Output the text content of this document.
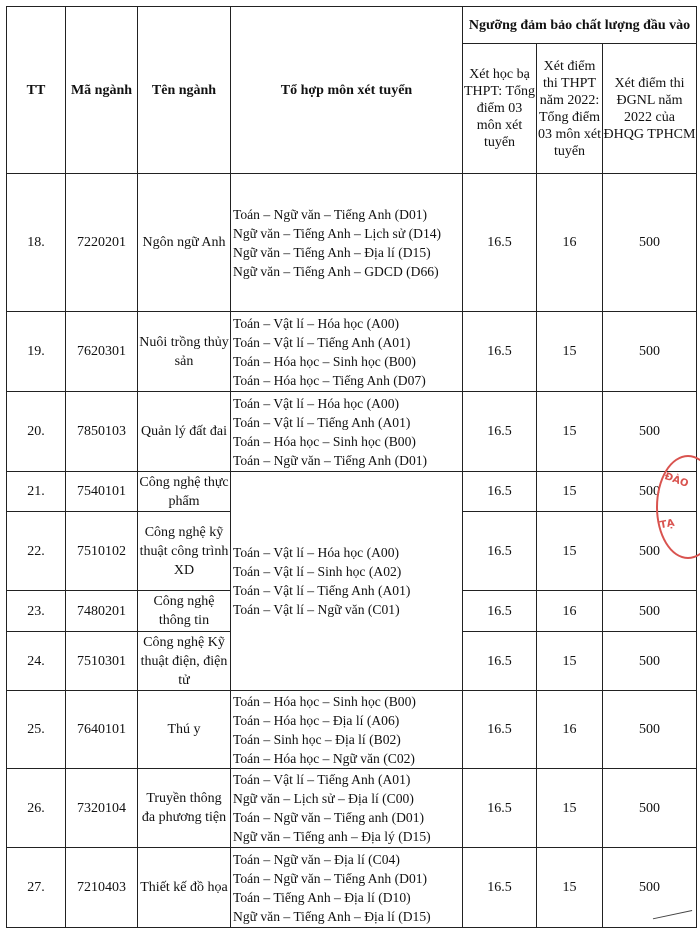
TT	Mã ngành	Tên ngành	Tổ hợp môn xét tuyển	Ngưỡng đảm bảo chất lượng đầu vào		
				Xét học bạ THPT: Tổng điểm 03 môn xét tuyển	Xét điểm thi THPT năm 2022: Tổng điểm 03 môn xét tuyển	Xét điểm thi ĐGNL năm 2022 của ĐHQG TPHCM
18.	7220201	Ngôn ngữ Anh	Toán – Ngữ văn – Tiếng Anh (D01)
Ngữ văn – Tiếng Anh – Lịch sử (D14)
Ngữ văn – Tiếng Anh – Địa lí (D15)
Ngữ văn – Tiếng Anh – GDCD (D66)	16.5	16	500
19.	7620301	Nuôi trồng thủy sản	Toán – Vật lí – Hóa học (A00)
Toán – Vật lí – Tiếng Anh (A01)
Toán – Hóa học – Sinh học (B00)
Toán – Hóa học – Tiếng Anh (D07)	16.5	15	500
20.	7850103	Quản lý đất đai	Toán – Vật lí – Hóa học (A00)
Toán – Vật lí – Tiếng Anh (A01)
Toán – Hóa học – Sinh học (B00)
Toán – Ngữ văn – Tiếng Anh (D01)	16.5	15	500
21.	7540101	Công nghệ thực phẩm	Toán – Vật lí – Hóa học (A00)
Toán – Vật lí – Sinh học (A02)
Toán – Vật lí – Tiếng Anh (A01)
Toán – Vật lí – Ngữ văn (C01)	16.5	15	500
22.	7510102	Công nghệ kỹ thuật công trình XD		16.5	15	500
23.	7480201	Công nghệ thông tin		16.5	16	500
24.	7510301	Công nghệ Kỹ thuật điện, điện tử		16.5	15	500
25.	7640101	Thú y	Toán – Hóa học – Sinh học (B00)
Toán – Hóa học – Địa lí (A06)
Toán – Sinh học – Địa lí (B02)
Toán – Hóa học – Ngữ văn (C02)	16.5	16	500
26.	7320104	Truyền thông đa phương tiện	Toán – Vật lí – Tiếng Anh (A01)
Ngữ văn – Lịch sử – Địa lí (C00)
Toán – Ngữ văn – Tiếng anh (D01)
Ngữ văn – Tiếng anh – Địa lý (D15)	16.5	15	500
27.	7210403	Thiết kế đồ họa	Toán – Ngữ văn – Địa lí (C04)
Toán – Ngữ văn – Tiếng Anh (D01)
Toán – Tiếng Anh – Địa lí (D10)
Ngữ văn – Tiếng Anh – Địa lí (D15)	16.5	15	500
ĐÀO
TẠ
